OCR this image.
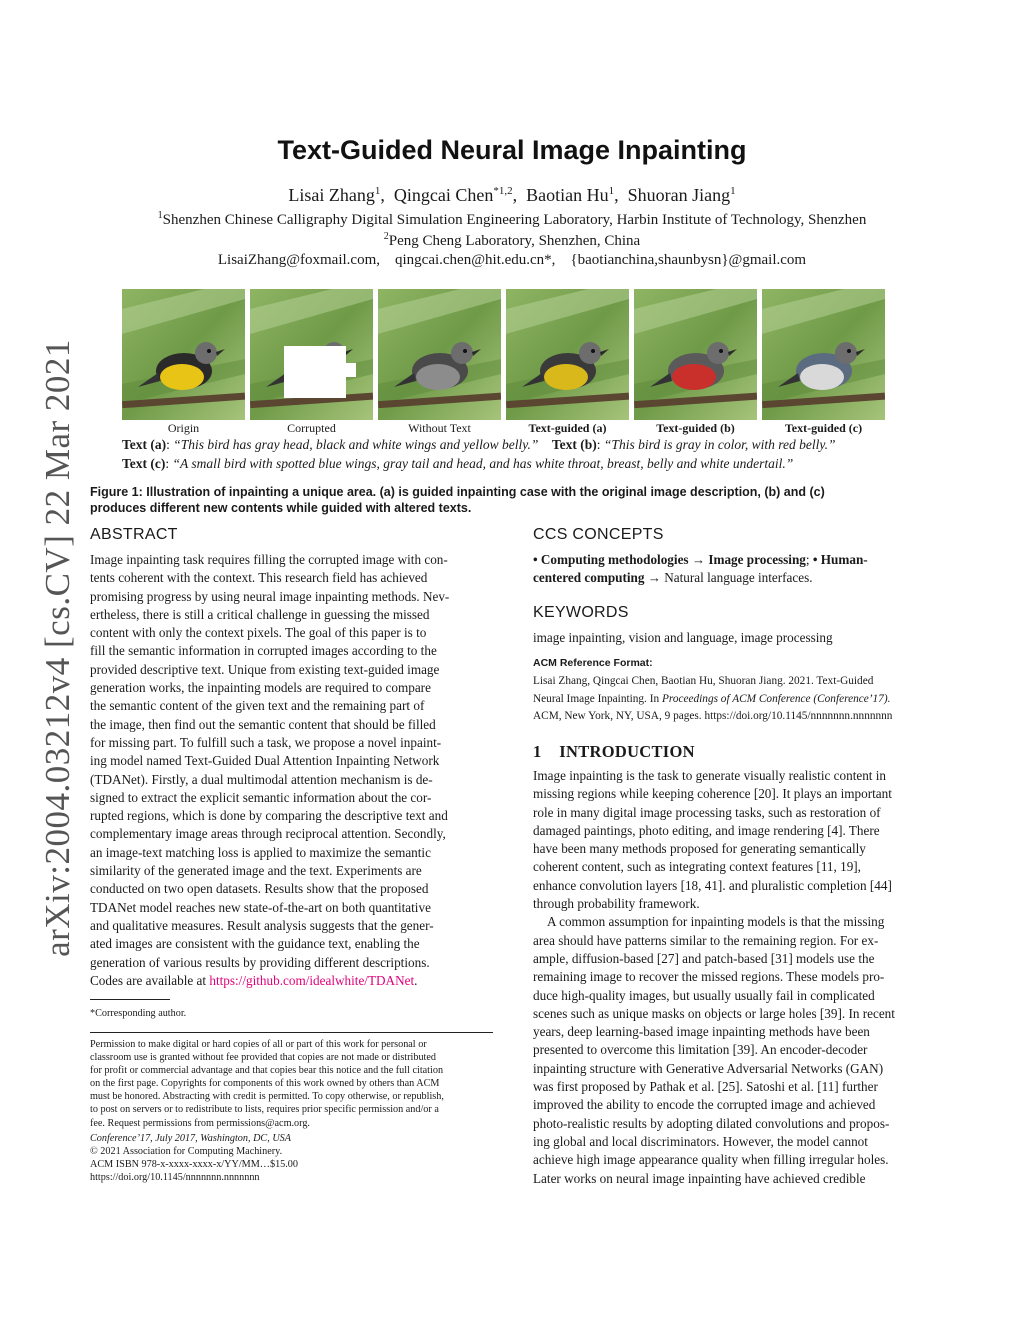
arXiv:2004.03212v4 [cs.CV] 22 Mar 2021
Text-Guided Neural Image Inpainting
Lisai Zhang$^1$,  Qingcai Chen$^{*1,2}$,  Baotian Hu$^1$,  Shuoran Jiang$^1$
$^1$Shenzhen Chinese Calligraphy Digital Simulation Engineering Laboratory, Harbin Institute of Technology, Shenzhen
$^2$Peng Cheng Laboratory, Shenzhen, China
LisaiZhang@foxmail.com,    qingcai.chen@hit.edu.cn*,    {baotianchina,shaunbysn}@gmail.com
Origin	Corrupted	Without Text	Text-guided (a)	Text-guided (b)	Text-guided (c)
Text (a): “This bird has gray head, black and white wings and yellow belly.” Text (b): “This bird is gray in color, with red belly.”
Text (c): “A small bird with spotted blue wings, gray tail and head, and has white throat, breast, belly and white undertail.”
Figure 1: Illustration of inpainting a unique area. (a) is guided inpainting case with the original image description, (b) and (c)
produces different new contents while guided with altered texts.
ABSTRACT
Image inpainting task requires filling the corrupted image with con-
tents coherent with the context. This research field has achieved
promising progress by using neural image inpainting methods. Nev-
ertheless, there is still a critical challenge in guessing the missed
content with only the context pixels. The goal of this paper is to
fill the semantic information in corrupted images according to the
provided descriptive text. Unique from existing text-guided image
generation works, the inpainting models are required to compare
the semantic content of the given text and the remaining part of
the image, then find out the semantic content that should be filled
for missing part. To fulfill such a task, we propose a novel inpaint-
ing model named Text-Guided Dual Attention Inpainting Network
(TDANet). Firstly, a dual multimodal attention mechanism is de-
signed to extract the explicit semantic information about the cor-
rupted regions, which is done by comparing the descriptive text and
complementary image areas through reciprocal attention. Secondly,
an image-text matching loss is applied to maximize the semantic
similarity of the generated image and the text. Experiments are
conducted on two open datasets. Results show that the proposed
TDANet model reaches new state-of-the-art on both quantitative
and qualitative measures. Result analysis suggests that the gener-
ated images are consistent with the guidance text, enabling the
generation of various results by providing different descriptions.
Codes are available at https://github.com/idealwhite/TDANet.
*Corresponding author.
Permission to make digital or hard copies of all or part of this work for personal or
classroom use is granted without fee provided that copies are not made or distributed
for profit or commercial advantage and that copies bear this notice and the full citation
on the first page. Copyrights for components of this work owned by others than ACM
must be honored. Abstracting with credit is permitted. To copy otherwise, or republish,
to post on servers or to redistribute to lists, requires prior specific permission and/or a
fee. Request permissions from permissions@acm.org.
Conference’17, July 2017, Washington, DC, USA
© 2021 Association for Computing Machinery.
ACM ISBN 978-x-xxxx-xxxx-x/YY/MM…$15.00
https://doi.org/10.1145/nnnnnnn.nnnnnnn
CCS CONCEPTS
• Computing methodologies → Image processing; • Human-
centered computing → Natural language interfaces.
KEYWORDS
image inpainting, vision and language, image processing
ACM Reference Format:
Lisai Zhang, Qingcai Chen, Baotian Hu, Shuoran Jiang. 2021. Text-Guided
Neural Image Inpainting. In Proceedings of ACM Conference (Conference’17).
ACM, New York, NY, USA, 9 pages. https://doi.org/10.1145/nnnnnnn.nnnnnnn
1 INTRODUCTION
Image inpainting is the task to generate visually realistic content in
missing regions while keeping coherence [20]. It plays an important
role in many digital image processing tasks, such as restoration of
damaged paintings, photo editing, and image rendering [4]. There
have been many methods proposed for generating semantically
coherent content, such as integrating context features [11, 19],
enhance convolution layers [18, 41]. and pluralistic completion [44]
through probability framework.
A common assumption for inpainting models is that the missing
area should have patterns similar to the remaining region. For ex-
ample, diffusion-based [27] and patch-based [31] models use the
remaining image to recover the missed regions. These models pro-
duce high-quality images, but usually usually fail in complicated
scenes such as unique masks on objects or large holes [39]. In recent
years, deep learning-based image inpainting methods have been
presented to overcome this limitation [39]. An encoder-decoder
inpainting structure with Generative Adversarial Networks (GAN)
was first proposed by Pathak et al. [25]. Satoshi et al. [11] further
improved the ability to encode the corrupted image and achieved
photo-realistic results by adopting dilated convolutions and propos-
ing global and local discriminators. However, the model cannot
achieve high image appearance quality when filling irregular holes.
Later works on neural image inpainting have achieved credible
